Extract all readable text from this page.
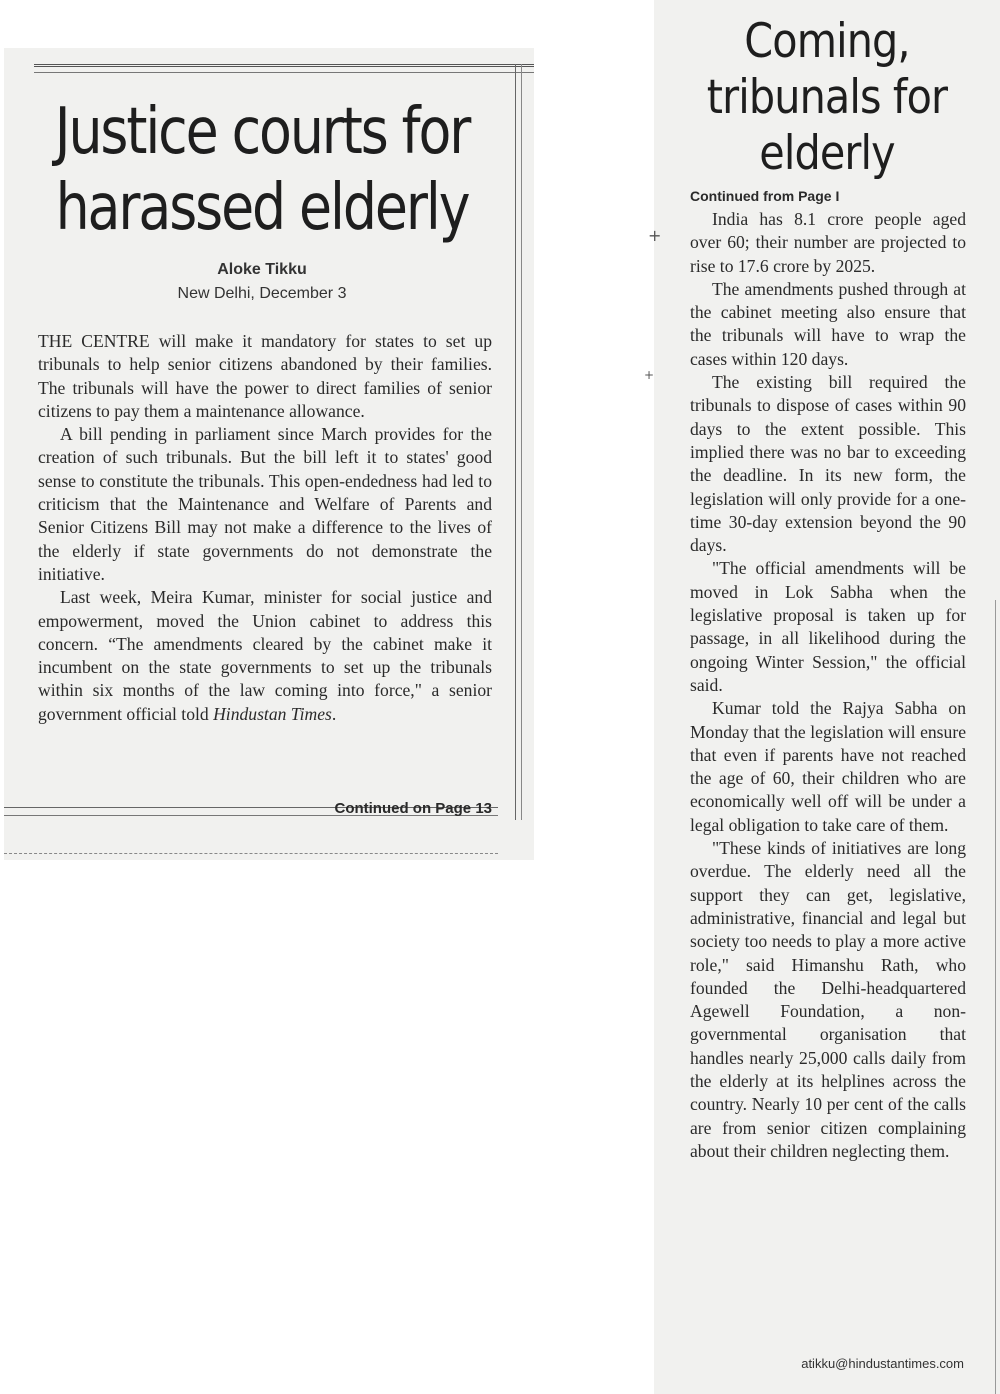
Justice courts for harassed elderly
Aloke Tikku
New Delhi, December 3

THE CENTRE will make it mandatory for states to set up tribunals to help senior citizens abandoned by their families. The tribunals will have the power to direct families of senior citizens to pay them a maintenance allowance.

A bill pending in parliament since March provides for the creation of such tribunals. But the bill left it to states' good sense to constitute the tribunals. This open-endedness had led to criticism that the Maintenance and Welfare of Parents and Senior Citizens Bill may not make a difference to the lives of the elderly if state governments do not demonstrate the initiative.

Last week, Meira Kumar, minister for social justice and empowerment, moved the Union cabinet to address this concern. “The amendments cleared by the cabinet make it incumbent on the state governments to set up the tribunals within six months of the law coming into force," a senior government official told Hindustan Times.

Continued on Page 13
+
+
Coming, tribunals for elderly
Continued from Page I

India has 8.1 crore people aged over 60; their number are projected to rise to 17.6 crore by 2025.

The amendments pushed through at the cabinet meeting also ensure that the tribunals will have to wrap the cases within 120 days.

The existing bill required the tribunals to dispose of cases within 90 days to the extent possible. This implied there was no bar to exceeding the deadline. In its new form, the legislation will only provide for a one-time 30-day extension beyond the 90 days.

"The official amendments will be moved in Lok Sabha when the legislative proposal is taken up for passage, in all likelihood during the ongoing Winter Session," the official said.

Kumar told the Rajya Sabha on Monday that the legislation will ensure that even if parents have not reached the age of 60, their children who are economically well off will be under a legal obligation to take care of them.

"These kinds of initiatives are long overdue. The elderly need all the support they can get, legislative, administrative, financial and legal but society too needs to play a more active role," said Himanshu Rath, who founded the Delhi-headquartered Agewell Foundation, a non-governmental organisation that handles nearly 25,000 calls daily from the elderly at its helplines across the country. Nearly 10 per cent of the calls are from senior citizen complaining about their children neglecting them.

atikku@hindustantimes.com
